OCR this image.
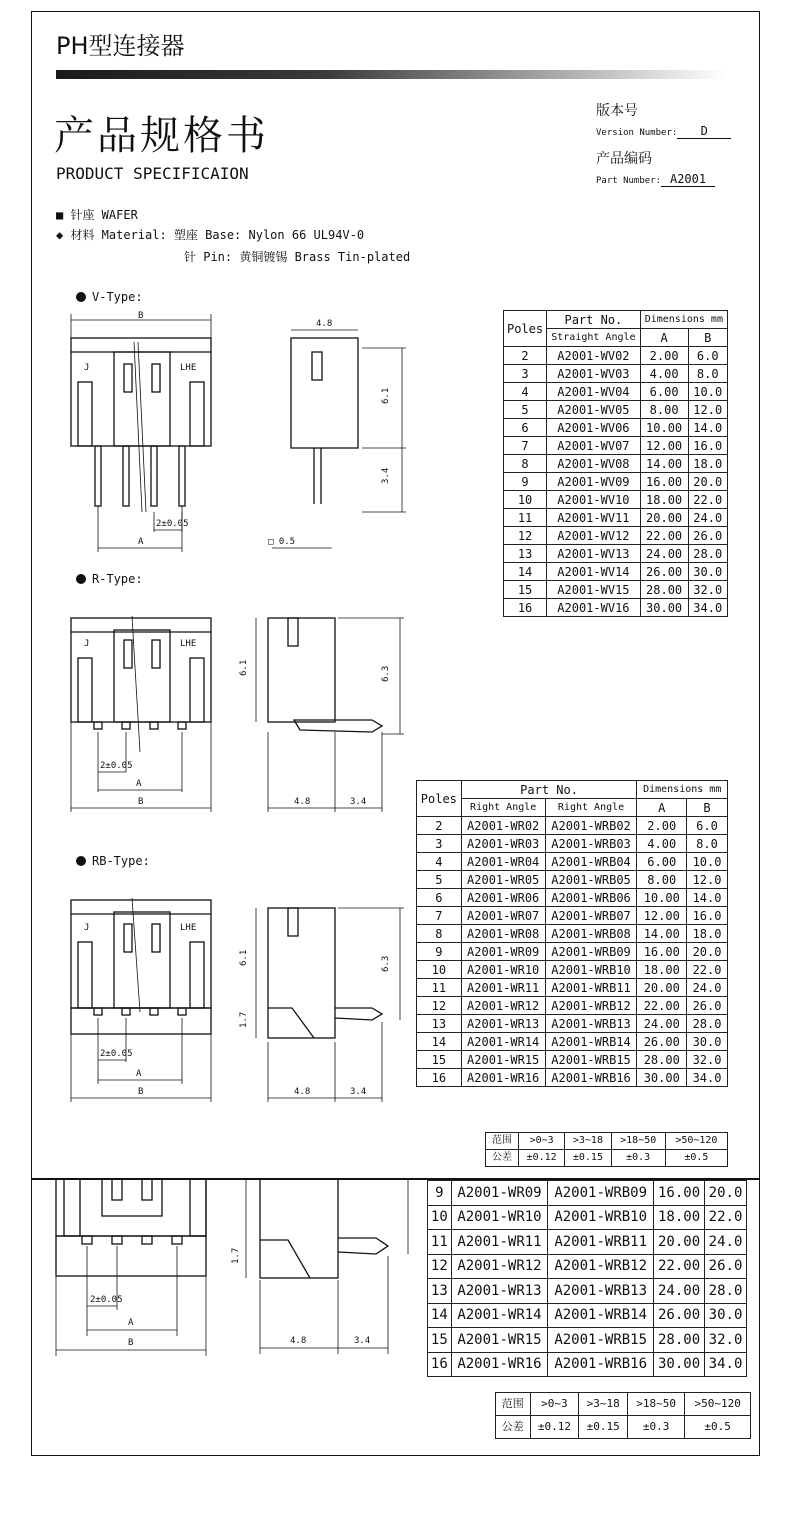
PH型连接器
产品规格书
PRODUCT SPECIFICAION
版本号
Version Number: D
产品编码
Part Number: A2001
■ 针座 WAFER
◆ 材料 Material: 塑座 Base: Nylon 66 UL94V-0
针 Pin: 黄铜镀锡 Brass Tin-plated
V-Type:
R-Type:
RB-Type:
B
J	LHE
A
2±0.05
4.8
6.1
3.4
□ 0.5
J	LHE
2±0.05
A
B
6.1	6.3
4.8	3.4
J	LHE
2±0.05
A
B
6.1
1.7
6.3
4.8	3.4
Poles	Part No.	Dimensions mm	
	Straight Angle	A	B
2	A2001-WV02	2.00	6.0
3	A2001-WV03	4.00	8.0
4	A2001-WV04	6.00	10.0
5	A2001-WV05	8.00	12.0
6	A2001-WV06	10.00	14.0
7	A2001-WV07	12.00	16.0
8	A2001-WV08	14.00	18.0
9	A2001-WV09	16.00	20.0
10	A2001-WV10	18.00	22.0
11	A2001-WV11	20.00	24.0
12	A2001-WV12	22.00	26.0
13	A2001-WV13	24.00	28.0
14	A2001-WV14	26.00	30.0
15	A2001-WV15	28.00	32.0
16	A2001-WV16	30.00	34.0
Poles	Part No.		Dimensions mm	
	Right Angle	Right Angle	A	B
2	A2001-WR02	A2001-WRB02	2.00	6.0
3	A2001-WR03	A2001-WRB03	4.00	8.0
4	A2001-WR04	A2001-WRB04	6.00	10.0
5	A2001-WR05	A2001-WRB05	8.00	12.0
6	A2001-WR06	A2001-WRB06	10.00	14.0
7	A2001-WR07	A2001-WRB07	12.00	16.0
8	A2001-WR08	A2001-WRB08	14.00	18.0
9	A2001-WR09	A2001-WRB09	16.00	20.0
10	A2001-WR10	A2001-WRB10	18.00	22.0
11	A2001-WR11	A2001-WRB11	20.00	24.0
12	A2001-WR12	A2001-WRB12	22.00	26.0
13	A2001-WR13	A2001-WRB13	24.00	28.0
14	A2001-WR14	A2001-WRB14	26.00	30.0
15	A2001-WR15	A2001-WRB15	28.00	32.0
16	A2001-WR16	A2001-WRB16	30.00	34.0
范围	>0~3	>3~18	>18~50	>50~120
公差	±0.12	±0.15	±0.3	±0.5
2±0.05
A
B
1.7
4.8	3.4
9	A2001-WR09	A2001-WRB09	16.00	20.0
10	A2001-WR10	A2001-WRB10	18.00	22.0
11	A2001-WR11	A2001-WRB11	20.00	24.0
12	A2001-WR12	A2001-WRB12	22.00	26.0
13	A2001-WR13	A2001-WRB13	24.00	28.0
14	A2001-WR14	A2001-WRB14	26.00	30.0
15	A2001-WR15	A2001-WRB15	28.00	32.0
16	A2001-WR16	A2001-WRB16	30.00	34.0
范围	>0~3	>3~18	>18~50	>50~120
公差	±0.12	±0.15	±0.3	±0.5
